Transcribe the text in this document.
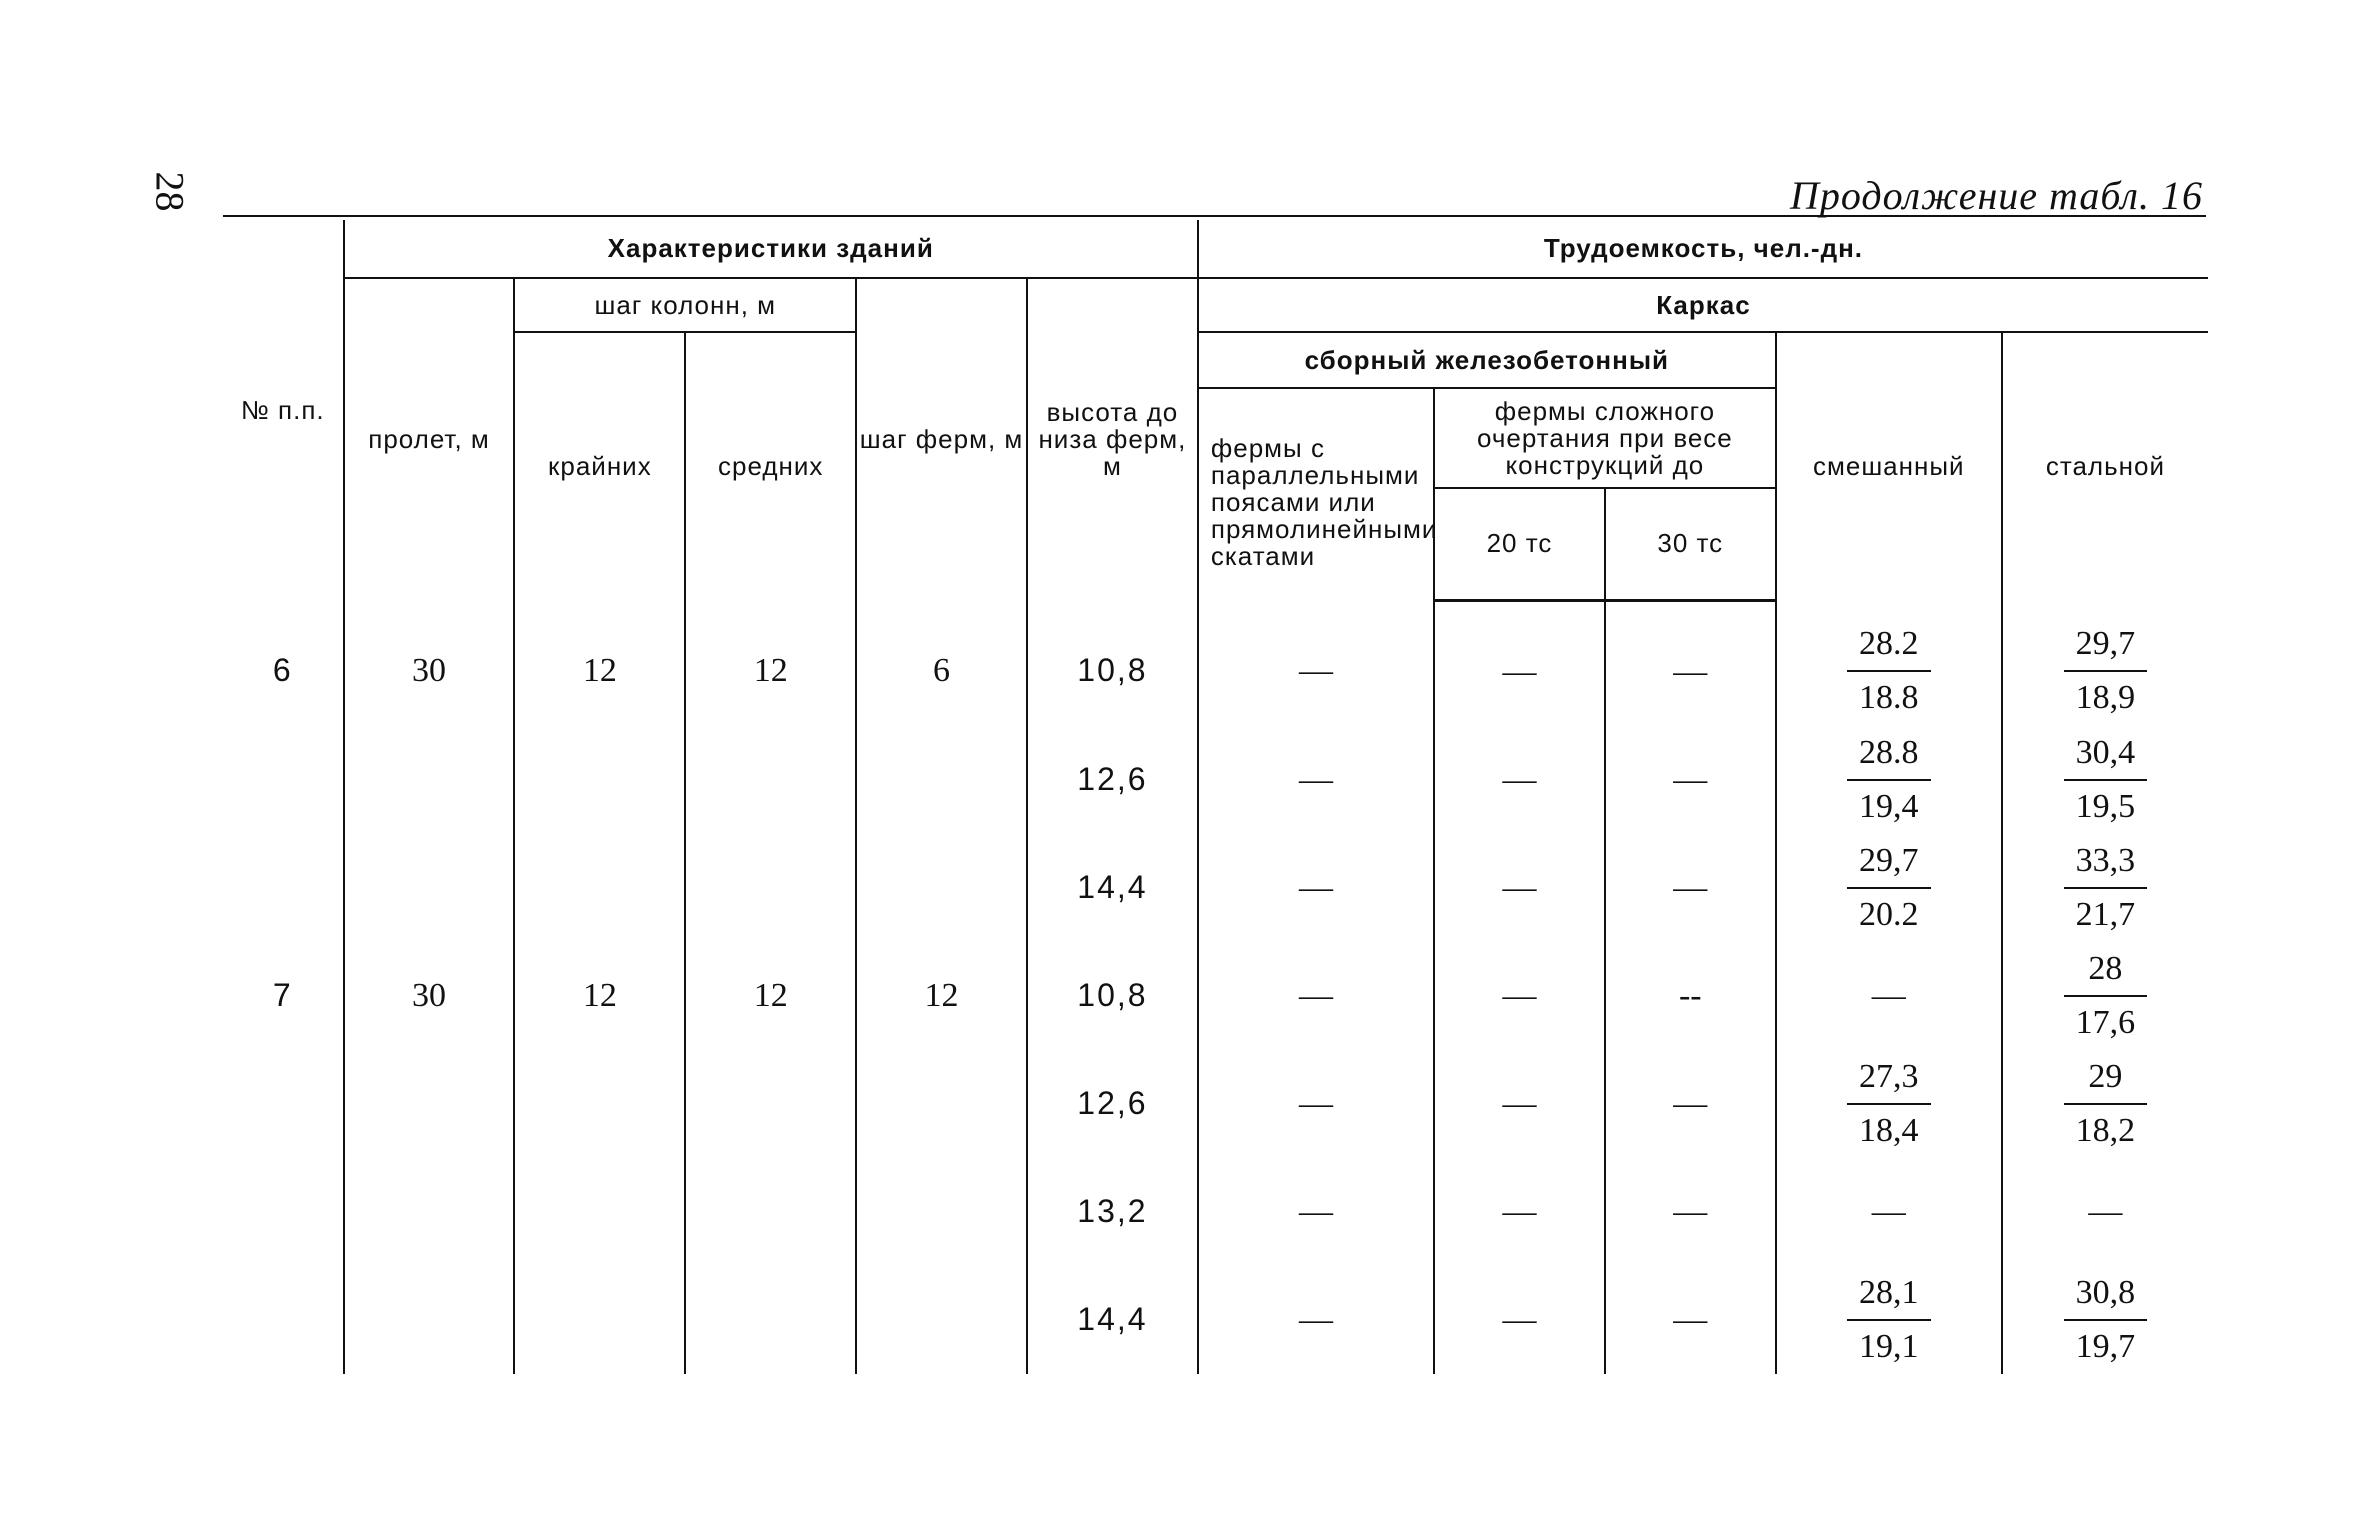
28	Продолжение табл. 16
№ п.п.	Характеристики зданий					Трудоемкость, чел.-дн.				
	пролет, м	шаг колонн, м		шаг ферм, м	высота до низа ферм, м	Каркас				
		крайних	средних			сборный железобетонный			смешанный	стальной
						фермы с параллельными поясами или прямолинейными скатами	фермы сложного очертания при весе конструкций до			
							20 тс	30 тс		
6	30	12	12	6	10,8	—	—	—	$\frac{28.2}{18.8}$	$\frac{29,7}{18,9}$

					12,6	—	—	—	$\frac{28.8}{19,4}$	$\frac{30,4}{19,5}$

					14,4	—	—	—	$\frac{29,7}{20.2}$	$\frac{33,3}{21,7}$

7	30	12	12	12	10,8	—	—	--	—	$\frac{28}{17,6}$

					12,6	—	—	—	$\frac{27,3}{18,4}$	$\frac{29}{18,2}$

					13,2	—	—	—	—	—
					14,4	—	—	—	$\frac{28,1}{19,1}$	$\frac{30,8}{19,7}$
